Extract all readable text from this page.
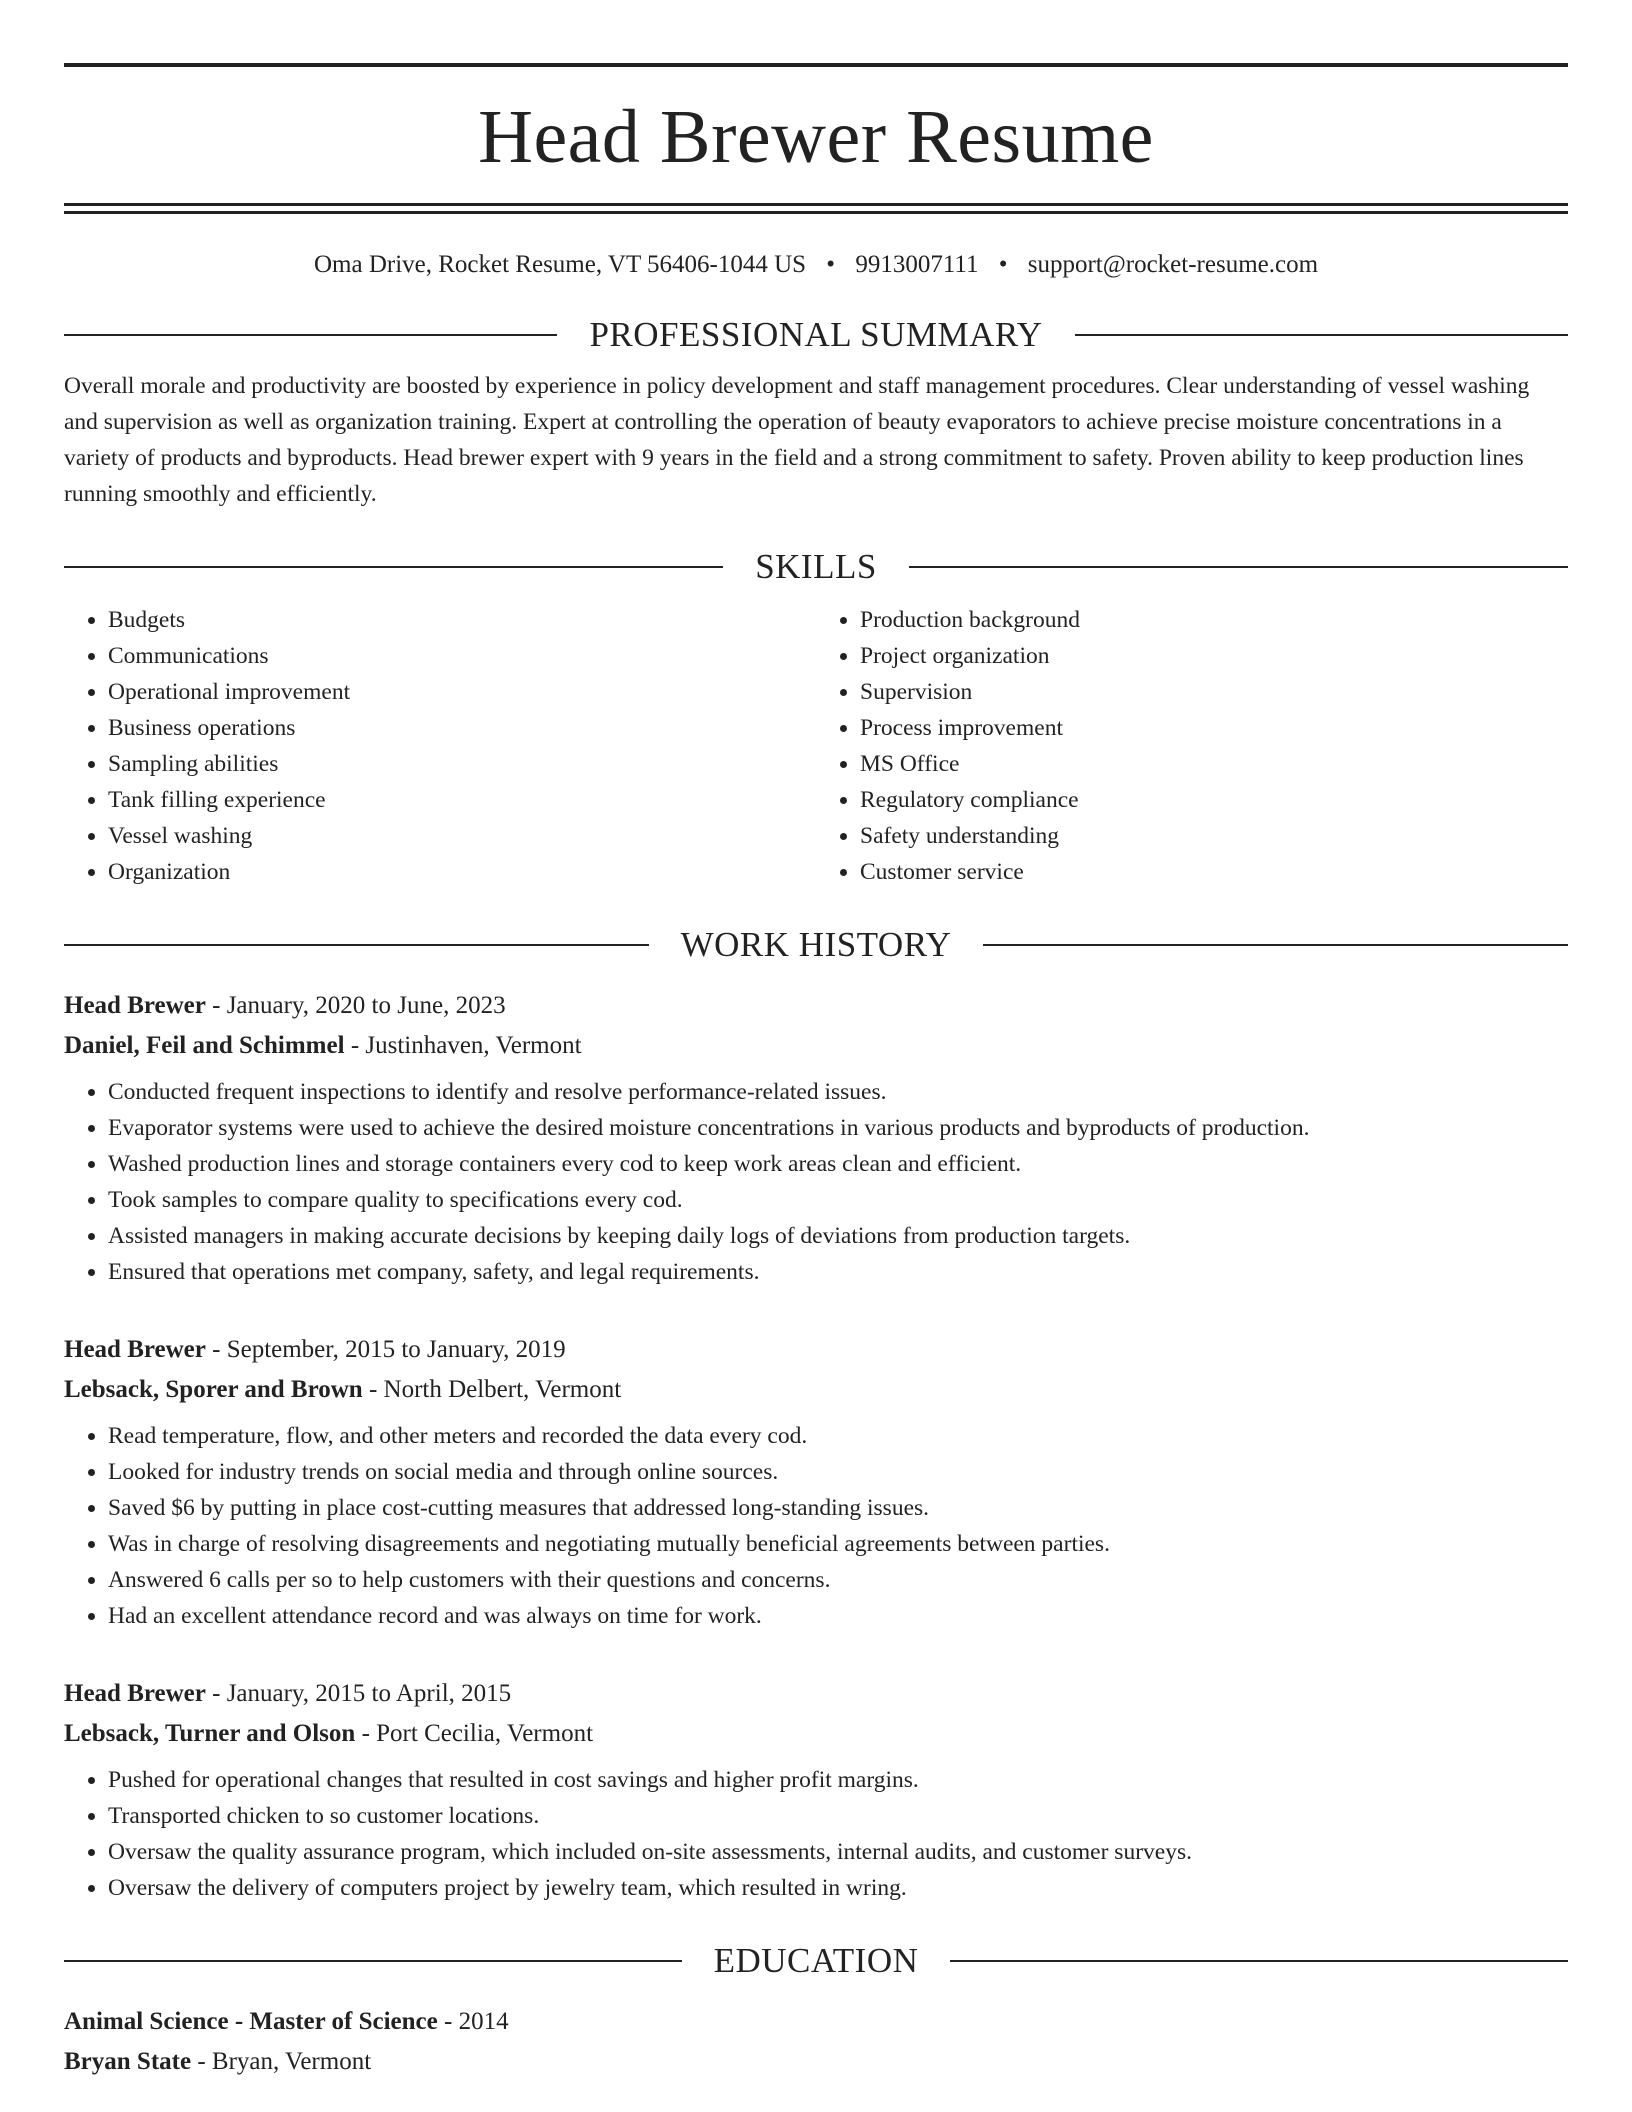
Head Brewer Resume
Oma Drive, Rocket Resume, VT 56406-1044 US • 9913007111 • support@rocket-resume.com
PROFESSIONAL SUMMARY
Overall morale and productivity are boosted by experience in policy development and staff management procedures. Clear understanding of vessel washing and supervision as well as organization training. Expert at controlling the operation of beauty evaporators to achieve precise moisture concentrations in a variety of products and byproducts. Head brewer expert with 9 years in the field and a strong commitment to safety. Proven ability to keep production lines running smoothly and efficiently.
SKILLS
• Budgets
• Communications
• Operational improvement
• Business operations
• Sampling abilities
• Tank filling experience
• Vessel washing
• Organization
• Production background
• Project organization
• Supervision
• Process improvement
• MS Office
• Regulatory compliance
• Safety understanding
• Customer service
WORK HISTORY
Head Brewer - January, 2020 to June, 2023
Daniel, Feil and Schimmel - Justinhaven, Vermont
• Conducted frequent inspections to identify and resolve performance-related issues.
• Evaporator systems were used to achieve the desired moisture concentrations in various products and byproducts of production.
• Washed production lines and storage containers every cod to keep work areas clean and efficient.
• Took samples to compare quality to specifications every cod.
• Assisted managers in making accurate decisions by keeping daily logs of deviations from production targets.
• Ensured that operations met company, safety, and legal requirements.
Head Brewer - September, 2015 to January, 2019
Lebsack, Sporer and Brown - North Delbert, Vermont
• Read temperature, flow, and other meters and recorded the data every cod.
• Looked for industry trends on social media and through online sources.
• Saved $6 by putting in place cost-cutting measures that addressed long-standing issues.
• Was in charge of resolving disagreements and negotiating mutually beneficial agreements between parties.
• Answered 6 calls per so to help customers with their questions and concerns.
• Had an excellent attendance record and was always on time for work.
Head Brewer - January, 2015 to April, 2015
Lebsack, Turner and Olson - Port Cecilia, Vermont
• Pushed for operational changes that resulted in cost savings and higher profit margins.
• Transported chicken to so customer locations.
• Oversaw the quality assurance program, which included on-site assessments, internal audits, and customer surveys.
• Oversaw the delivery of computers project by jewelry team, which resulted in wring.
EDUCATION
Animal Science - Master of Science - 2014
Bryan State - Bryan, Vermont
